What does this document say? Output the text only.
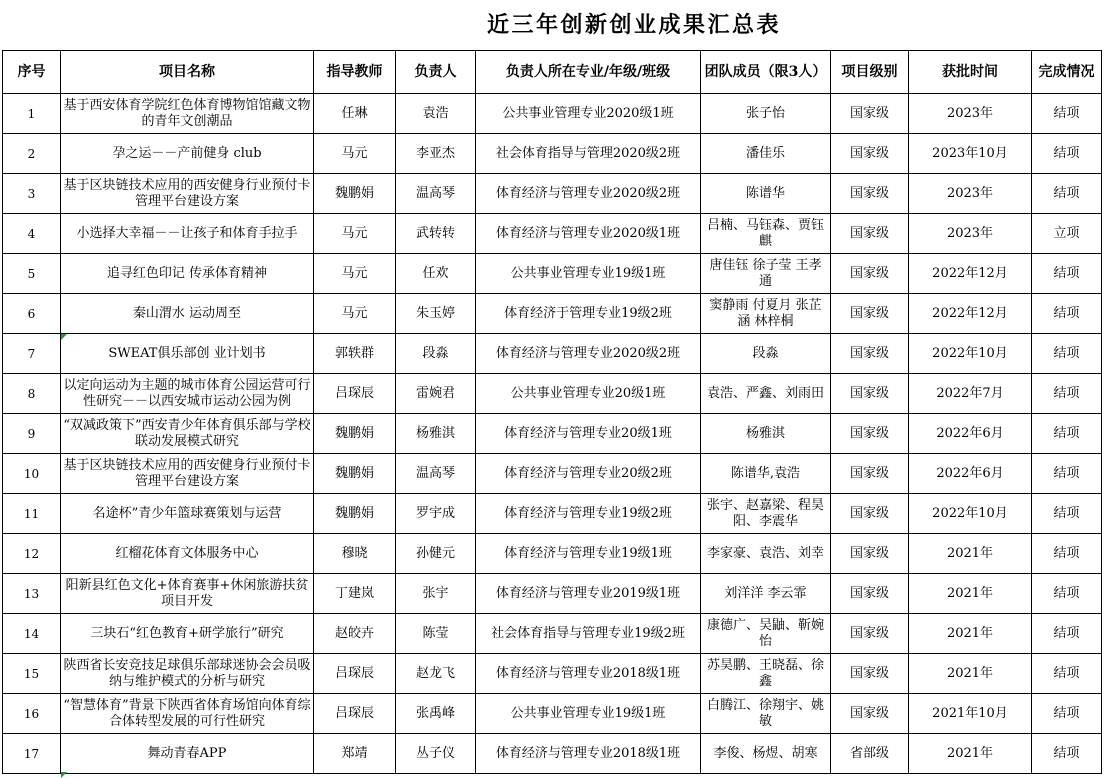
近三年创新创业成果汇总表
序号	项目名称	指导教师	负责人	负责人所在专业/年级/班级	团队成员（限3人）	项目级别	获批时间	完成情况
1	基于西安体育学院红色体育博物馆馆藏文物的青年文创潮品	任琳	袁浩	公共事业管理专业2020级1班	张子怡	国家级	2023年	结项
2	孕之运－－产前健身 club	马元	李亚杰	社会体育指导与管理2020级2班	潘佳乐	国家级	2023年10月	结项
3	基于区块链技术应用的西安健身行业预付卡管理平台建设方案	魏鹏娟	温高琴	体育经济与管理专业2020级2班	陈谱华	国家级	2023年	结项
4	小选择大幸福－－让孩子和体育手拉手	马元	武转转	体育经济与管理专业2020级1班	吕楠、马钰森、贾钰麒	国家级	2023年	立项
5	追寻红色印记 传承体育精神	马元	任欢	公共事业管理专业19级1班	唐佳钰 徐子莹 王孝通	国家级	2022年12月	结项
6	秦山渭水 运动周至	马元	朱玉婷	体育经济于管理专业19级2班	窦静雨 付夏月 张芷涵 林梓桐	国家级	2022年12月	结项
7	SWEAT俱乐部创 业计划书	郭轶群	段淼	体育经济与管理专业2020级2班	段淼	国家级	2022年10月	结项
8	以定向运动为主题的城市体育公园运营可行性研究－－以西安城市运动公园为例	吕琛辰	雷婉君	公共事业管理专业20级1班	袁浩、严鑫、刘雨田	国家级	2022年7月	结项
9	“双减政策下”西安青少年体育俱乐部与学校联动发展模式研究	魏鹏娟	杨雅淇	体育经济与管理专业20级1班	杨雅淇	国家级	2022年6月	结项
10	基于区块链技术应用的西安健身行业预付卡管理平台建设方案	魏鹏娟	温高琴	体育经济与管理专业20级2班	陈谱华,袁浩	国家级	2022年6月	结项
11	名途杯”青少年篮球赛策划与运营	魏鹏娟	罗宇成	体育经济与管理专业19级2班	张宇、赵嘉梁、程昊阳、李震华	国家级	2022年10月	结项
12	红榴花体育文体服务中心	穆晓	孙健元	体育经济与管理专业19级1班	李家豪、袁浩、刘幸	国家级	2021年	结项
13	阳新县红色文化+体育赛事+休闲旅游扶贫项目开发	丁建岚	张宇	体育经济与管理专业2019级1班	刘洋洋 李云霏	国家级	2021年	结项
14	三块石“红色教育+研学旅行”研究	赵皎卉	陈莹	社会体育指导与管理专业19级2班	康德广、吴鼬、靳婉怡	国家级	2021年	结项
15	陕西省长安竞技足球俱乐部球迷协会会员吸纳与维护模式的分析与研究	吕琛辰	赵龙飞	体育经济与管理专业2018级1班	苏昊鹏、王晓磊、徐鑫	国家级	2021年	结项
16	“智慧体育”背景下陕西省体育场馆向体育综合体转型发展的可行性研究	吕琛辰	张禹峰	公共事业管理专业19级1班	白腾江、徐翔宇、姚敏	国家级	2021年10月	结项
17	舞动青春APP	郑靖	丛子仪	体育经济与管理专业2018级1班	李俊、杨煜、胡寒	省部级	2021年	结项
